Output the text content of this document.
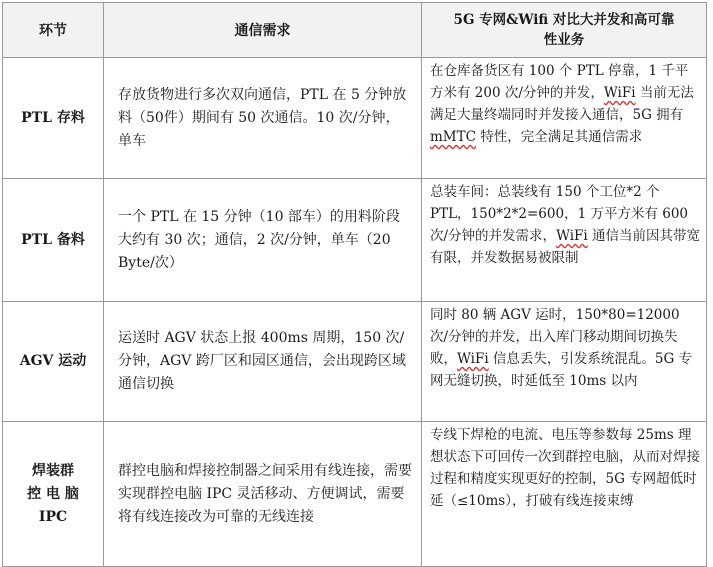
环节	通信需求	5G 专网&Wifi 对比大并发和高可靠
性业务

PTL 存料	存放货物进行多次双向通信，PTL 在 5 分钟放料（50件）期间有 50 次通信。10 次/分钟，单车	在仓库备货区有 100 个 PTL 停靠，1 千平方米有 200 次/分钟的并发，WiFi 当前无法满足大量终端同时并发接入通信，5G 拥有 mMTC 特性，完全满足其通信需求
PTL 备料	一个 PTL 在 15 分钟（10 部车）的用料阶段大约有 30 次；通信，2 次/分钟，单车（20 Byte/次）	总装车间：总装线有 150 个工位*2 个 PTL，150*2*2=600，1 万平方米有 600 次/分钟的并发需求，WiFi 通信当前因其带宽有限，并发数据易被限制
AGV 运动	运送时 AGV 状态上报 400ms 周期，150 次/分钟，AGV 跨厂区和园区通信，会出现跨区域通信切换	同时 80 辆 AGV 运时，150*80=12000 次/分钟的并发，出入库门移动期间切换失败，WiFi 信息丢失，引发系统混乱。5G 专网无缝切换，时延低至 10ms 以内

焊装群
控 电 脑
IPC	群控电脑和焊接控制器之间采用有线连接，需要实现群控电脑 IPC 灵活移动、方便调试，需要将有线连接改为可靠的无线连接	专线下焊枪的电流、电压等参数每 25ms 理想状态下可回传一次到群控电脑，从而对焊接过程和精度实现更好的控制，5G 专网超低时延（≤10ms），打破有线连接束缚
